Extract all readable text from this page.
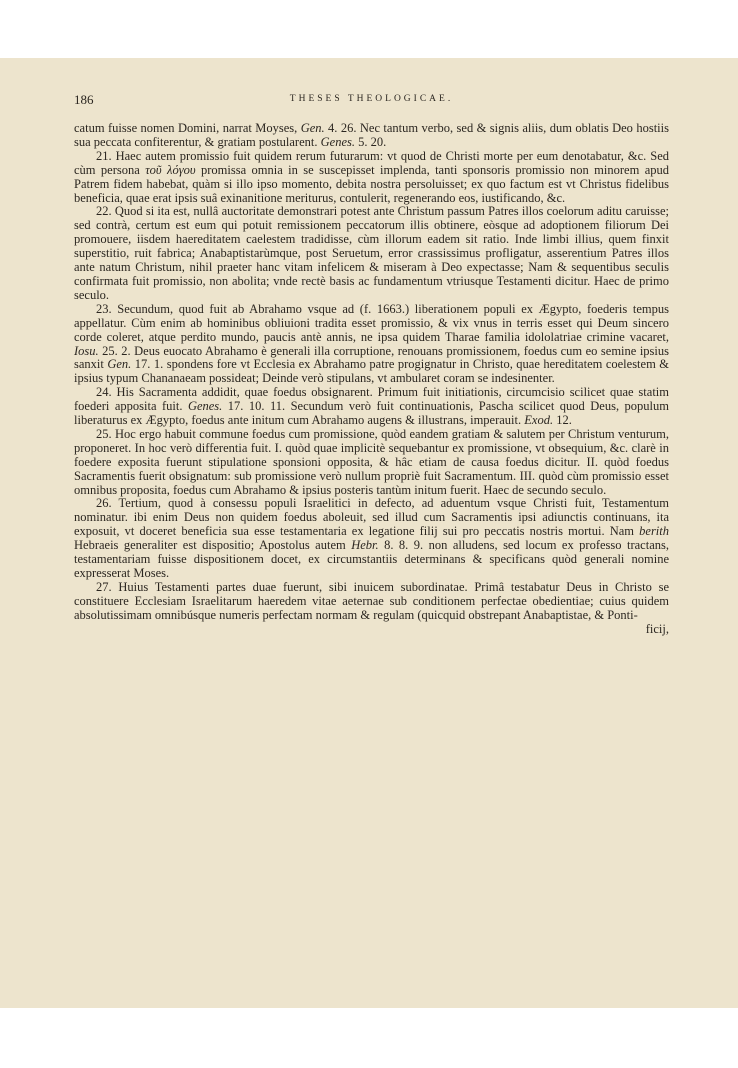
186	THESES THEOLOGICAE.

catum fuisse nomen Domini, narrat Moyses, Gen. 4. 26. Nec tantum verbo, sed & signis aliis, dum oblatis Deo hostiis sua peccata confiterentur, & gratiam postularent. Genes. 5. 20.

21. Haec autem promissio fuit quidem rerum futurarum: vt quod de Christi morte per eum denotabatur, &c. Sed cùm persona τοῦ λόγου promissa omnia in se suscepisset implenda, tanti sponsoris promissio non minorem apud Patrem fidem habebat, quàm si illo ipso momento, debita nostra persoluisset; ex quo factum est vt Christus fidelibus beneficia, quae erat ipsis suâ exinanitione meriturus, contulerit, regenerando eos, iustificando, &c.

22. Quod si ita est, nullâ auctoritate demonstrari potest ante Christum passum Patres illos coelorum aditu caruisse; sed contrà, certum est eum qui potuit remissionem peccatorum illis obtinere, eòsque ad adoptionem filiorum Dei promouere, iisdem haereditatem caelestem tradidisse, cùm illorum eadem sit ratio. Inde limbi illius, quem finxit superstitio, ruit fabrica; Anabaptistarùmque, post Seruetum, error crassissimus profligatur, asserentium Patres illos ante natum Christum, nihil praeter hanc vitam infelicem & miseram à Deo expectasse; Nam & sequentibus seculis confirmata fuit promissio, non abolita; vnde rectè basis ac fundamentum vtriusque Testamenti dicitur. Haec de primo seculo.

23. Secundum, quod fuit ab Abrahamo vsque ad (f. 1663.) liberationem populi ex Ægypto, foederis tempus appellatur. Cùm enim ab hominibus obliuioni tradita esset promissio, & vix vnus in terris esset qui Deum sincero corde coleret, atque perdito mundo, paucis antè annis, ne ipsa quidem Tharae familia idololatriae crimine vacaret, Iosu. 25. 2. Deus euocato Abrahamo è generali illa corruptione, renouans promissionem, foedus cum eo semine ipsius sanxit Gen. 17. 1. spondens fore vt Ecclesia ex Abrahamo patre progignatur in Christo, quae hereditatem coelestem & ipsius typum Chananaeam possideat; Deinde verò stipulans, vt ambularet coram se indesinenter.

24. His Sacramenta addidit, quae foedus obsignarent. Primum fuit initiationis, circumcisio scilicet quae statim foederi apposita fuit. Genes. 17. 10. 11. Secundum verò fuit continuationis, Pascha scilicet quod Deus, populum liberaturus ex Ægypto, foedus ante initum cum Abrahamo augens & illustrans, imperauit. Exod. 12.

25. Hoc ergo habuit commune foedus cum promissione, quòd eandem gratiam & salutem per Christum venturum, proponeret. In hoc verò differentia fuit. I. quòd quae implicitè sequebantur ex promissione, vt obsequium, &c. clarè in foedere exposita fuerunt stipulatione sponsioni opposita, & hâc etiam de causa foedus dicitur. II. quòd foedus Sacramentis fuerit obsignatum: sub promissione verò nullum propriè fuit Sacramentum. III. quòd cùm promissio esset omnibus proposita, foedus cum Abrahamo & ipsius posteris tantùm initum fuerit. Haec de secundo seculo.

26. Tertium, quod à consessu populi Israelitici in defecto, ad aduentum vsque Christi fuit, Testamentum nominatur. ibi enim Deus non quidem foedus aboleuit, sed illud cum Sacramentis ipsi adiunctis continuans, ita exposuit, vt doceret beneficia sua esse testamentaria ex legatione filij sui pro peccatis nostris mortui. Nam berith Hebraeis generaliter est dispositio; Apostolus autem Hebr. 8. 8. 9. non alludens, sed locum ex professo tractans, testamentariam fuisse dispositionem docet, ex circumstantiis determinans & specificans quòd generali nomine expresserat Moses.

27. Huius Testamenti partes duae fuerunt, sibi inuicem subordinatae. Primâ testabatur Deus in Christo se constituere Ecclesiam Israelitarum haeredem vitae aeternae sub conditionem perfectae obedientiae; cuius quidem absolutissimam omnibúsque numeris perfectam normam & regulam (quicquid obstrepant Anabaptistae, & Ponti-

ficij,
